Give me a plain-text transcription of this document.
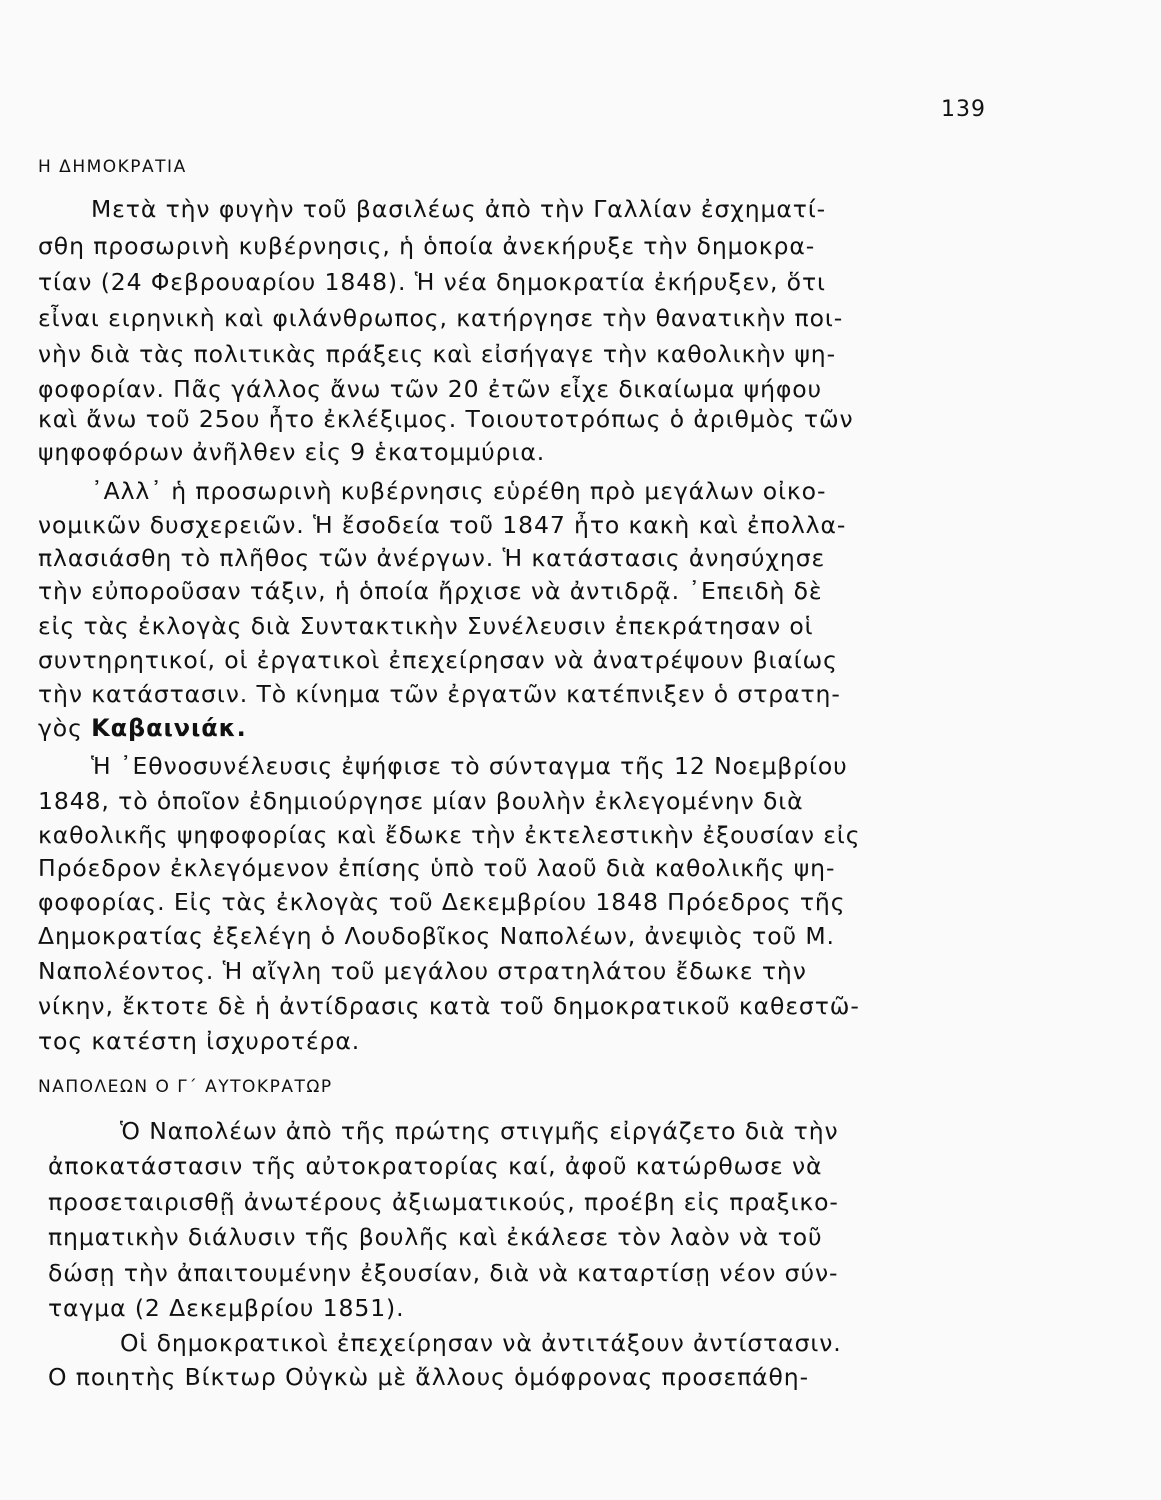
139
Η ΔΗΜΟΚΡΑΤΙΑ
Μετὰ τὴν φυγὴν τοῦ βασιλέως ἀπὸ τὴν Γαλλίαν ἐσχηματί-
σθη προσωρινὴ κυβέρνησις, ἡ ὁποία ἀνεκήρυξε τὴν δημοκρα-
τίαν (24 Φεβρουαρίου 1848). Ἡ νέα δημοκρατία ἐκήρυξεν, ὅτι
εἶναι ειρηνικὴ καὶ φιλάνθρωπος, κατήργησε τὴν θανατικὴν ποι-
νὴν διὰ τὰς πολιτικὰς πράξεις καὶ εἰσήγαγε τὴν καθολικὴν ψη-
φοφορίαν. Πᾶς γάλλος ἄνω τῶν 20 ἐτῶν εἶχε δικαίωμα ψήφου
καὶ ἄνω τοῦ 25ου ἦτο ἐκλέξιμος. Τοιουτοτρόπως ὁ ἀριθμὸς τῶν
ψηφοφόρων ἀνῆλθεν εἰς 9 ἑκατομμύρια.
᾿Αλλ᾿ ἡ προσωρινὴ κυβέρνησις εὑρέθη πρὸ μεγάλων οἰκο-
νομικῶν δυσχερειῶν. Ἡ ἔσοδεία τοῦ 1847 ἦτο κακὴ καὶ ἐπολλα-
πλασιάσθη τὸ πλῆθος τῶν ἀνέργων. Ἡ κατάστασις ἀνησύχησε
τὴν εὐποροῦσαν τάξιν, ἡ ὁποία ἤρχισε νὰ ἀντιδρᾷ. ᾿Επειδὴ δὲ
εἰς τὰς ἐκλογὰς διὰ Συντακτικὴν Συνέλευσιν ἐπεκράτησαν οἱ
συντηρητικοί, οἱ ἐργατικοὶ ἐπεχείρησαν νὰ ἀνατρέψουν βιαίως
τὴν κατάστασιν. Τὸ κίνημα τῶν ἐργατῶν κατέπνιξεν ὁ στρατη-
γὸς Καβαινιάκ.
Ἡ ᾿Εθνοσυνέλευσις ἐψήφισε τὸ σύνταγμα τῆς 12 Νοεμβρίου
1848, τὸ ὁποῖον ἐδημιούργησε μίαν βουλὴν ἐκλεγομένην διὰ
καθολικῆς ψηφοφορίας καὶ ἔδωκε τὴν ἐκτελεστικὴν ἐξουσίαν εἰς
Πρόεδρον ἐκλεγόμενον ἐπίσης ὑπὸ τοῦ λαοῦ διὰ καθολικῆς ψη-
φοφορίας. Εἰς τὰς ἐκλογὰς τοῦ Δεκεμβρίου 1848 Πρόεδρος τῆς
Δημοκρατίας ἐξελέγη ὁ Λουδοβῖκος Ναπολέων, ἀνεψιὸς τοῦ Μ.
Ναπολέοντος. Ἡ αἴγλη τοῦ μεγάλου στρατηλάτου ἔδωκε τὴν
νίκην, ἔκτοτε δὲ ἡ ἀντίδρασις κατὰ τοῦ δημοκρατικοῦ καθεστῶ-
τος κατέστη ἰσχυροτέρα.
ΝΑΠΟΛΕΩΝ Ο Γ΄ ΑΥΤΟΚΡΑΤΩΡ
Ὁ Ναπολέων ἀπὸ τῆς πρώτης στιγμῆς εἰργάζετο διὰ τὴν
ἀποκατάστασιν τῆς αὐτοκρατορίας καί, ἀφοῦ κατώρθωσε νὰ
προσεταιρισθῇ ἀνωτέρους ἀξιωματικούς, προέβη εἰς πραξικο-
πηματικὴν διάλυσιν τῆς βουλῆς καὶ ἐκάλεσε τὸν λαὸν νὰ τοῦ
δώσῃ τὴν ἀπαιτουμένην ἐξουσίαν, διὰ νὰ καταρτίσῃ νέον σύν-
ταγμα (2 Δεκεμβρίου 1851).
Οἱ δημοκρατικοὶ ἐπεχείρησαν νὰ ἀντιτάξουν ἀντίστασιν.
Ο ποιητὴς Βίκτωρ Οὐγκὼ μὲ ἄλλους ὁμόφρονας προσεπάθη-
